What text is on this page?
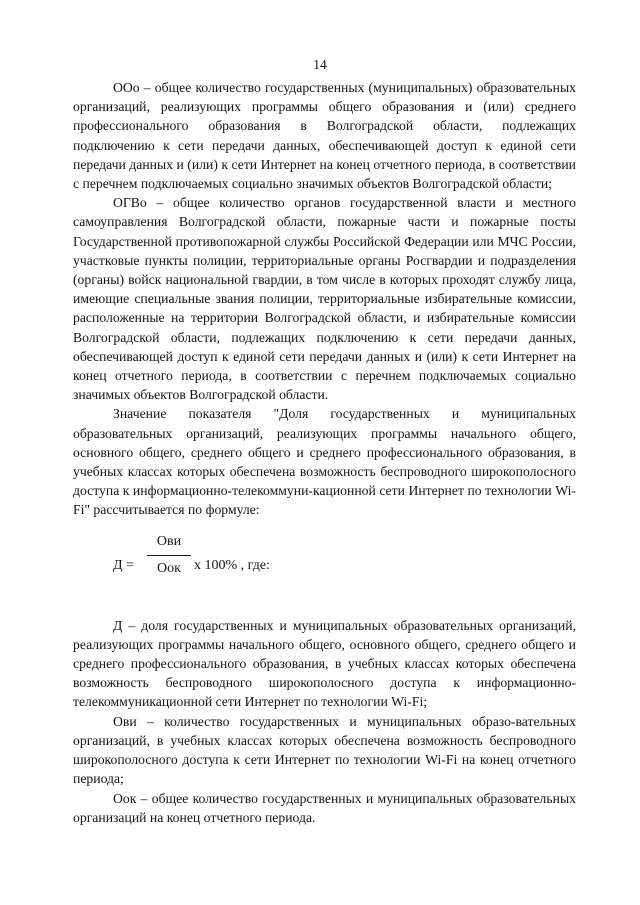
14

ООо – общее количество государственных (муниципальных) образовательных организаций, реализующих программы общего образования и (или) среднего профессионального образования в Волгоградской области, подлежащих подключению к сети передачи данных, обеспечивающей доступ к единой сети передачи данных и (или) к сети Интернет на конец отчетного периода, в соответствии с перечнем подключаемых социально значимых объектов Волгоградской области;

ОГВо – общее количество органов государственной власти и местного самоуправления Волгоградской области, пожарные части и пожарные посты Государственной противопожарной службы Российской Федерации или МЧС России, участковые пункты полиции, территориальные органы Росгвардии и подразделения (органы) войск национальной гвардии, в том числе в которых проходят службу лица, имеющие специальные звания полиции, территориальные избирательные комиссии, расположенные на территории Волгоградской области, и избирательные комиссии Волгоградской области, подлежащих подключению к сети передачи данных, обеспечивающей доступ к единой сети передачи данных и (или) к сети Интернет на конец отчетного периода, в соответствии с перечнем подключаемых социально значимых объектов Волгоградской области.

Значение показателя "Доля государственных и муниципальных образовательных организаций, реализующих программы начального общего, основного общего, среднего общего и среднего профессионального образования, в учебных классах которых обеспечена возможность беспроводного широкополосного доступа к информационно-телекоммуни-кационной сети Интернет по технологии Wi-Fi" рассчитывается по формуле:

Д =
Ови
Оок х 100% , где:

Д – доля государственных и муниципальных образовательных организаций, реализующих программы начального общего, основного общего, среднего общего и среднего профессионального образования, в учебных классах которых обеспечена возможность беспроводного широкополосного доступа к информационно-телекоммуникационной сети Интернет по технологии Wi-Fi;

Ови – количество государственных и муниципальных образо-вательных организаций, в учебных классах которых обеспечена возможность беспроводного широкополосного доступа к сети Интернет по технологии Wi-Fi на конец отчетного периода;

Оок – общее количество государственных и муниципальных образовательных организаций на конец отчетного периода.
